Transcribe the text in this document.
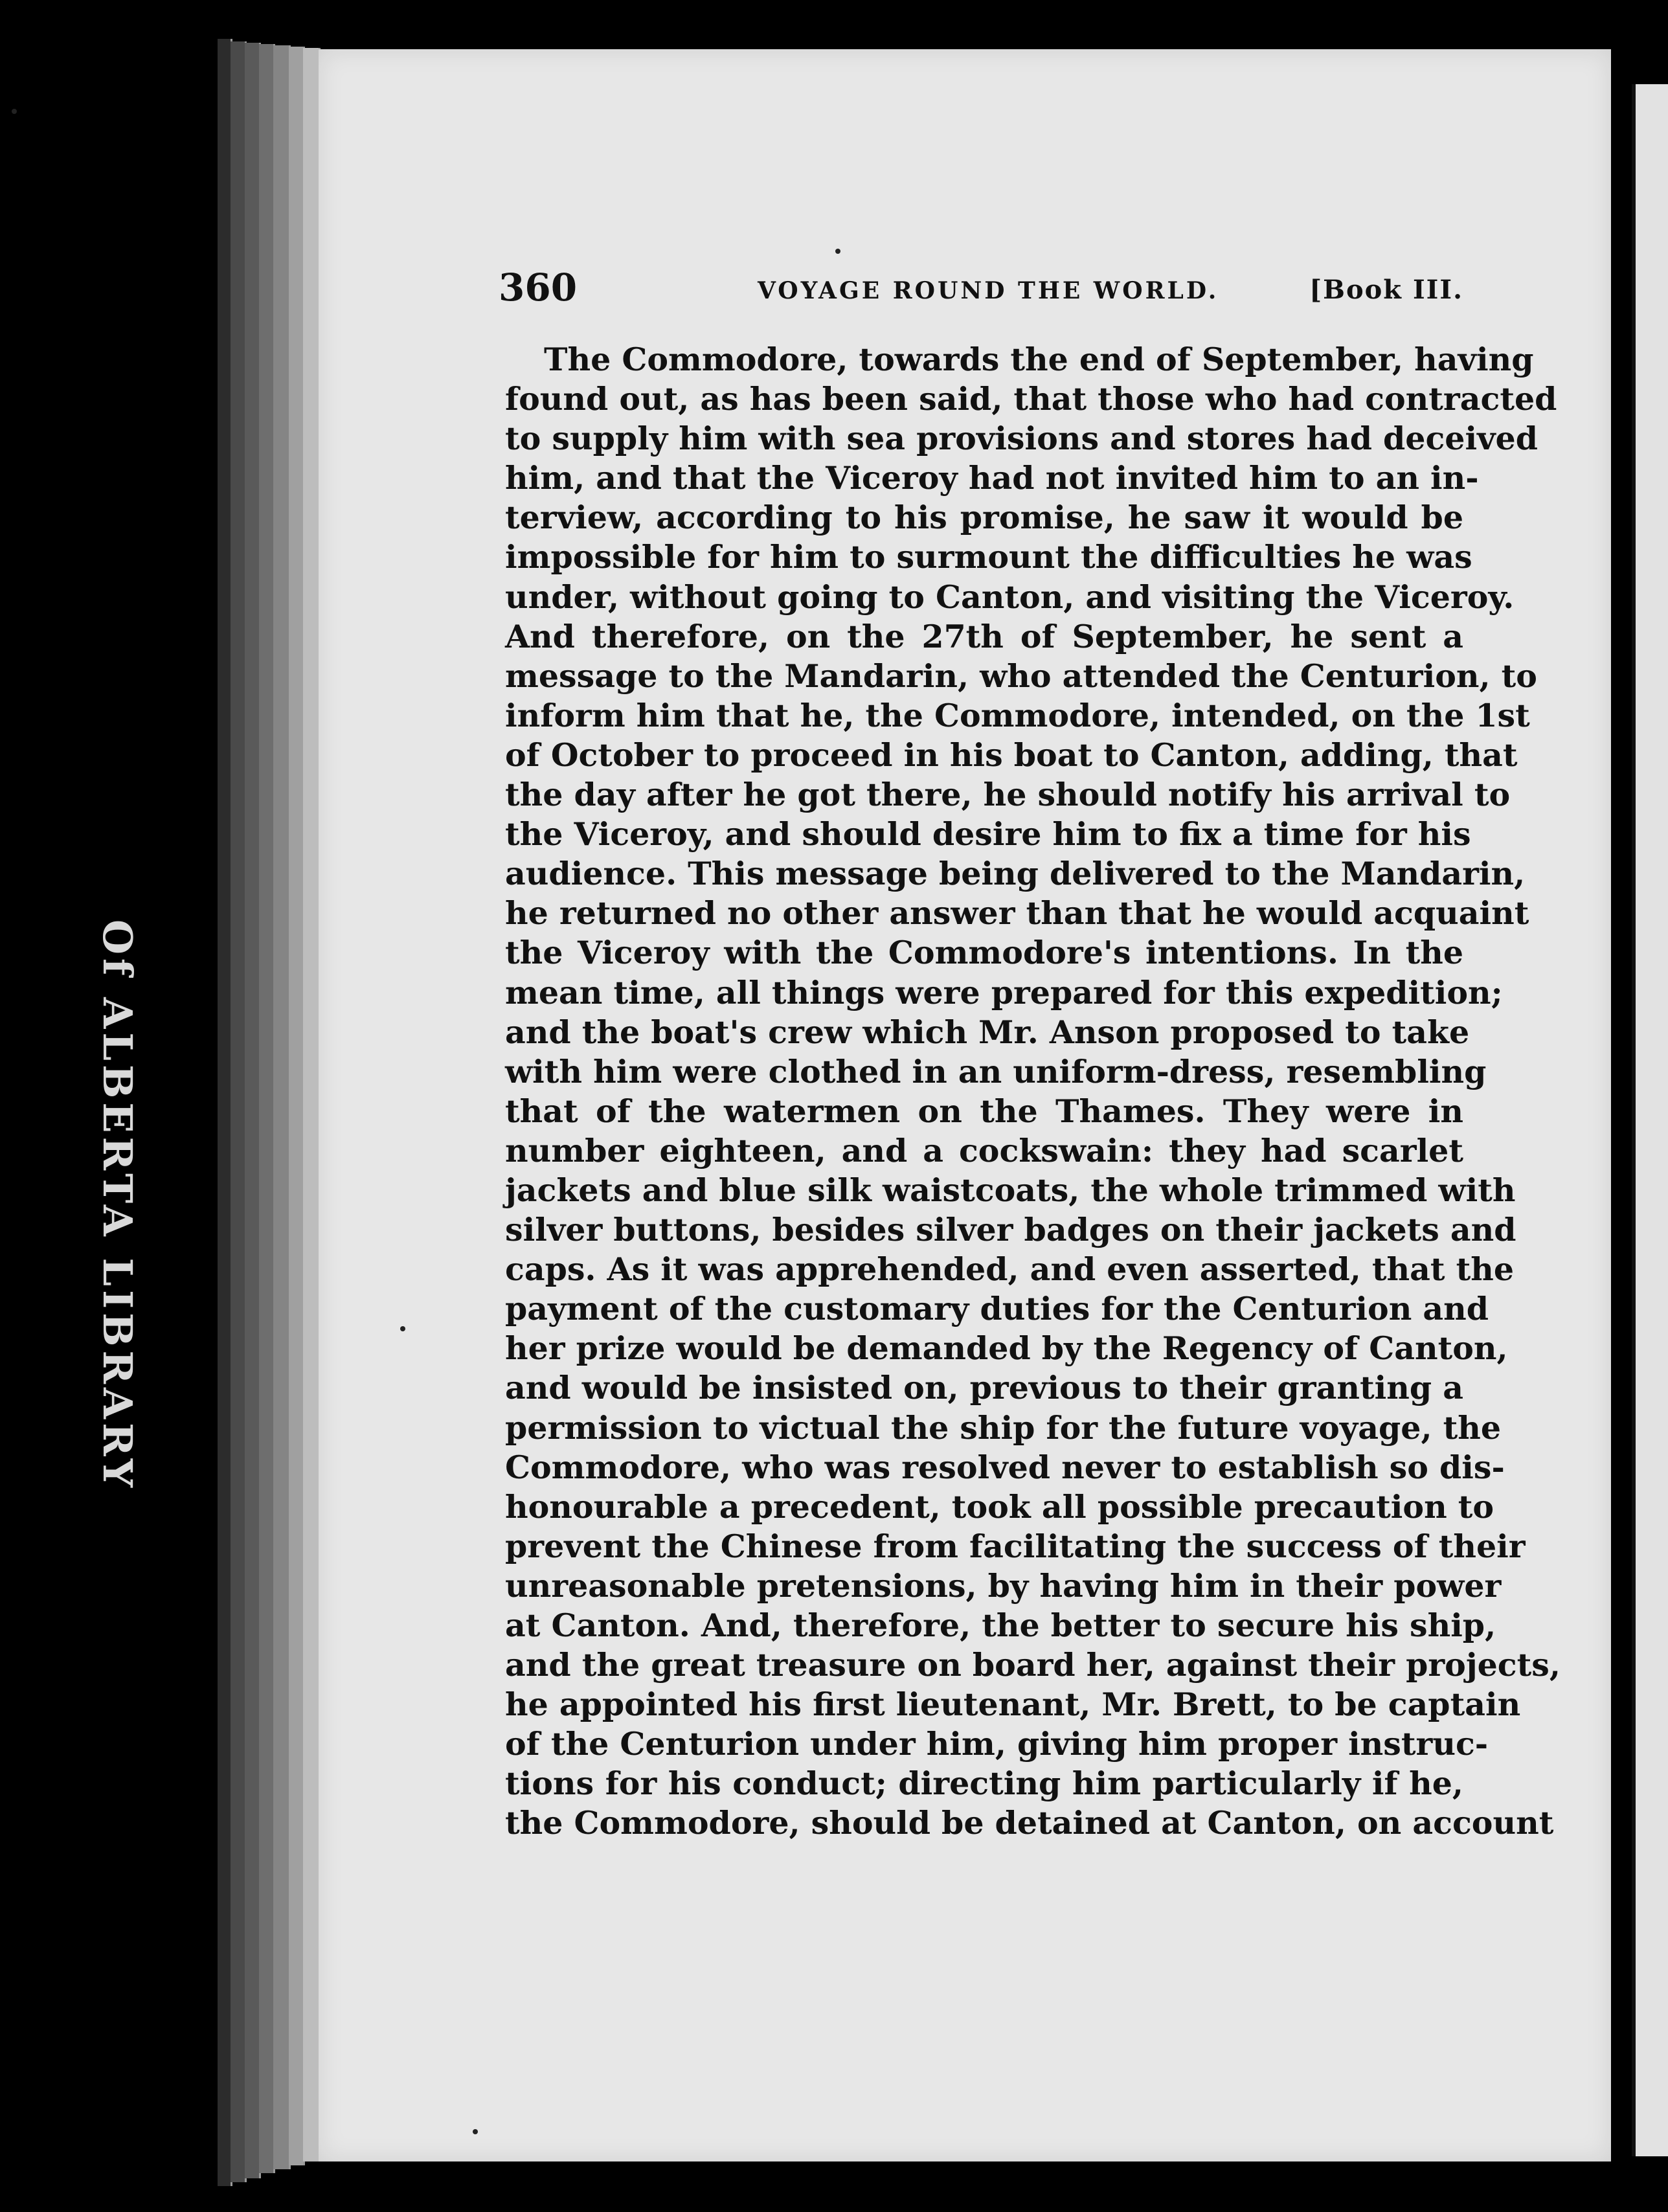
Of ALBERTA LIBRARY
360	VOYAGE ROUND THE WORLD.	[Book III.
The Commodore, towards the end of September, having
found out, as has been said, that those who had contracted
to supply him with sea provisions and stores had deceived
him, and that the Viceroy had not invited him to an in-
terview, according to his promise, he saw it would be
impossible for him to surmount the difficulties he was
under, without going to Canton, and visiting the Viceroy.
And therefore, on the 27th of September, he sent a
message to the Mandarin, who attended the Centurion, to
inform him that he, the Commodore, intended, on the 1st
of October to proceed in his boat to Canton, adding, that
the day after he got there, he should notify his arrival to
the Viceroy, and should desire him to fix a time for his
audience. This message being delivered to the Mandarin,
he returned no other answer than that he would acquaint
the Viceroy with the Commodore's intentions. In the
mean time, all things were prepared for this expedition;
and the boat's crew which Mr. Anson proposed to take
with him were clothed in an uniform-dress, resembling
that of the watermen on the Thames. They were in
number eighteen, and a cockswain: they had scarlet
jackets and blue silk waistcoats, the whole trimmed with
silver buttons, besides silver badges on their jackets and
caps. As it was apprehended, and even asserted, that the
payment of the customary duties for the Centurion and
her prize would be demanded by the Regency of Canton,
and would be insisted on, previous to their granting a
permission to victual the ship for the future voyage, the
Commodore, who was resolved never to establish so dis-
honourable a precedent, took all possible precaution to
prevent the Chinese from facilitating the success of their
unreasonable pretensions, by having him in their power
at Canton. And, therefore, the better to secure his ship,
and the great treasure on board her, against their projects,
he appointed his first lieutenant, Mr. Brett, to be captain
of the Centurion under him, giving him proper instruc-
tions for his conduct; directing him particularly if he,
the Commodore, should be detained at Canton, on account
